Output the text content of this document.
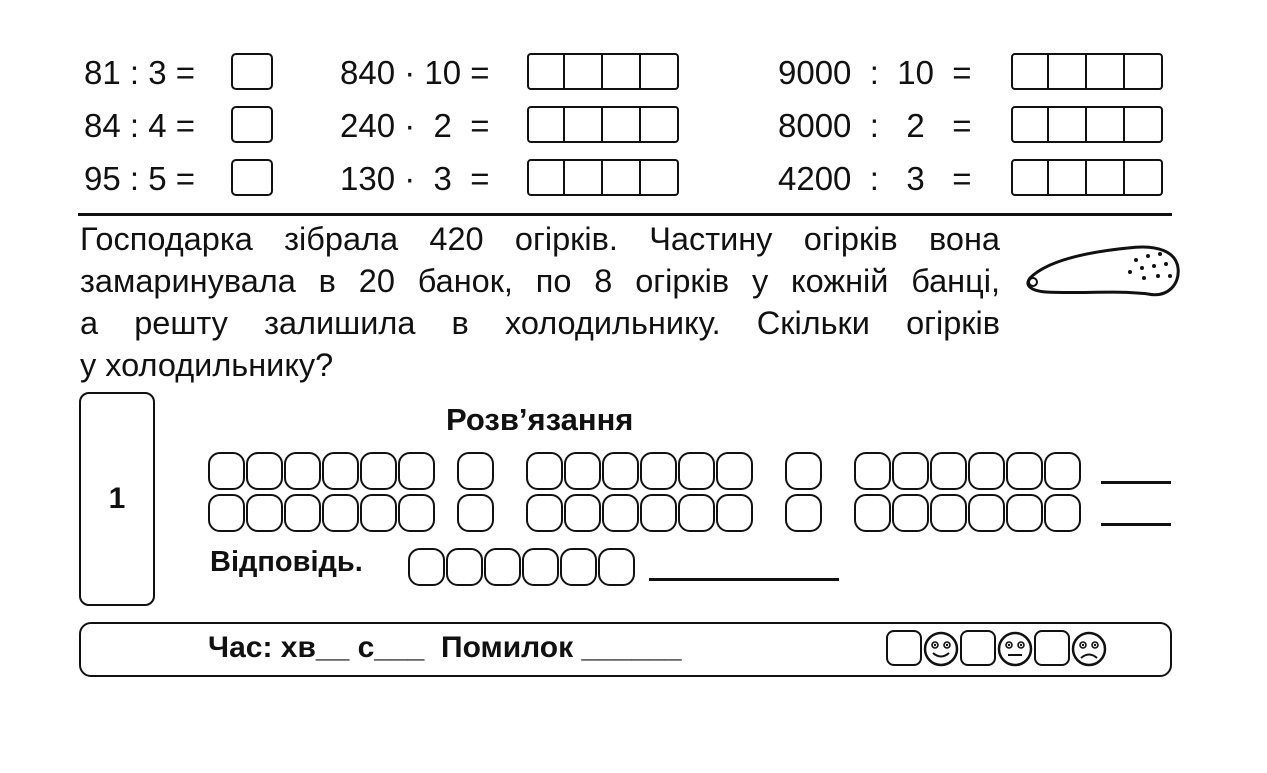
81 : 3 =
84 : 4 =
95 : 5 =
840 · 10 =
240 ·  2  =
130 ·  3  =
9000  :  10  =
8000  :   2   =
4200  :   3   =
Господарка зібрала 420 огірків. Частину огірків вона
замаринувала в 20 банок, по 8 огірків у кожній банці,
а решту залишила в холодильнику. Скільки огірків
у холодильнику?
1
Розв’язання
Відповідь.
Час: хв__ с___  Помилок ______
